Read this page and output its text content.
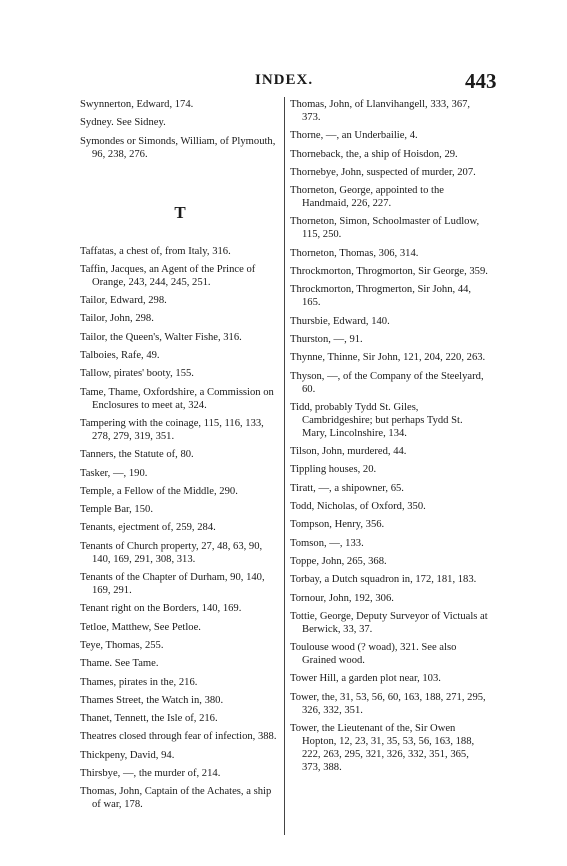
INDEX.	443
Swynnerton, Edward, 174.
Sydney. See Sidney.
Symondes or Simonds, William, of Plymouth, 96, 238, 276.
T
Taffatas, a chest of, from Italy, 316.
Taffin, Jacques, an Agent of the Prince of Orange, 243, 244, 245, 251.
Tailor, Edward, 298.
Tailor, John, 298.
Tailor, the Queen's, Walter Fishe, 316.
Talboies, Rafe, 49.
Tallow, pirates' booty, 155.
Tame, Thame, Oxfordshire, a Commission on Enclosures to meet at, 324.
Tampering with the coinage, 115, 116, 133, 278, 279, 319, 351.
Tanners, the Statute of, 80.
Tasker, —, 190.
Temple, a Fellow of the Middle, 290.
Temple Bar, 150.
Tenants, ejectment of, 259, 284.
Tenants of Church property, 27, 48, 63, 90, 140, 169, 291, 308, 313.
Tenants of the Chapter of Durham, 90, 140, 169, 291.
Tenant right on the Borders, 140, 169.
Tetloe, Matthew, See Petloe.
Teye, Thomas, 255.
Thame. See Tame.
Thames, pirates in the, 216.
Thames Street, the Watch in, 380.
Thanet, Tennett, the Isle of, 216.
Theatres closed through fear of infection, 388.
Thickpeny, David, 94.
Thirsbye, —, the murder of, 214.
Thomas, John, Captain of the Achates, a ship of war, 178.
Thomas, John, of Llanvihangell, 333, 367, 373.
Thorne, —, an Underbailie, 4.
Thorneback, the, a ship of Hoisdon, 29.
Thornebye, John, suspected of murder, 207.
Thorneton, George, appointed to the Handmaid, 226, 227.
Thorneton, Simon, Schoolmaster of Ludlow, 115, 250.
Thorneton, Thomas, 306, 314.
Throckmorton, Throgmorton, Sir George, 359.
Throckmorton, Throgmerton, Sir John, 44, 165.
Thursbie, Edward, 140.
Thurston, —, 91.
Thynne, Thinne, Sir John, 121, 204, 220, 263.
Thyson, —, of the Company of the Steelyard, 60.
Tidd, probably Tydd St. Giles, Cambridgeshire; but perhaps Tydd St. Mary, Lincolnshire, 134.
Tilson, John, murdered, 44.
Tippling houses, 20.
Tiratt, —, a shipowner, 65.
Todd, Nicholas, of Oxford, 350.
Tompson, Henry, 356.
Tomson, —, 133.
Toppe, John, 265, 368.
Torbay, a Dutch squadron in, 172, 181, 183.
Tornour, John, 192, 306.
Tottie, George, Deputy Surveyor of Victuals at Berwick, 33, 37.
Toulouse wood (? woad), 321. See also Grained wood.
Tower Hill, a garden plot near, 103.
Tower, the, 31, 53, 56, 60, 163, 188, 271, 295, 326, 332, 351.
Tower, the Lieutenant of the, Sir Owen Hopton, 12, 23, 31, 35, 53, 56, 163, 188, 222, 263, 295, 321, 326, 332, 351, 365, 373, 388.
